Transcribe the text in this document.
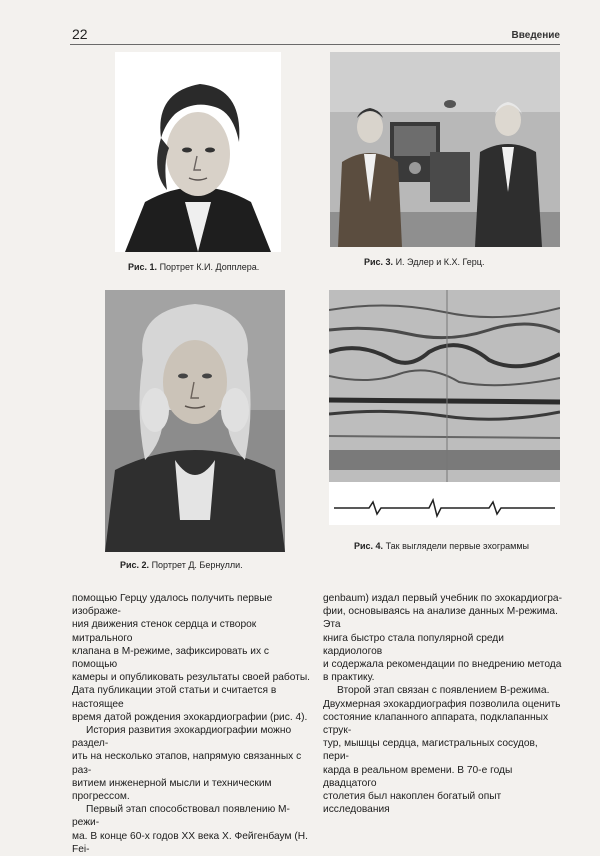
22	Введение
Рис. 1. Портрет К.И. Допплера.	Рис. 3. И. Эдлер и К.Х. Герц.
Рис. 2. Портрет Д. Бернулли.
Рис. 4. Так выглядели первые эхограммы

помощью Герцу удалось получить первые изображе-

ния движения стенок сердца и створок митрального

клапана в М-режиме, зафиксировать их с помощью

камеры и опубликовать результаты своей работы.

Дата публикации этой статьи и считается в настоящее

время датой рождения эхокардиографии (рис. 4).

История развития эхокардиографии можно раздел-

ить на несколько этапов, напрямую связанных с раз-

витием инженерной мысли и техническим прогрессом.

Первый этап способствовал появлению М-режи-

ма. В конце 60-х годов XX века Х. Фейгенбаум (H. Fei-

genbaum) издал первый учебник по эхокардиогра-

фии, основываясь на анализе данных М-режима. Эта

книга быстро стала популярной среди кардиологов

и содержала рекомендации по внедрению метода

в практику.

Второй этап связан с появлением В-режима.

Двухмерная эхокардиография позволила оценить

состояние клапанного аппарата, подклапанных струк-

тур, мышцы сердца, магистральных сосудов, пери-

карда в реальном времени. В 70-е годы двадцатого

столетия был накоплен богатый опыт исследования
